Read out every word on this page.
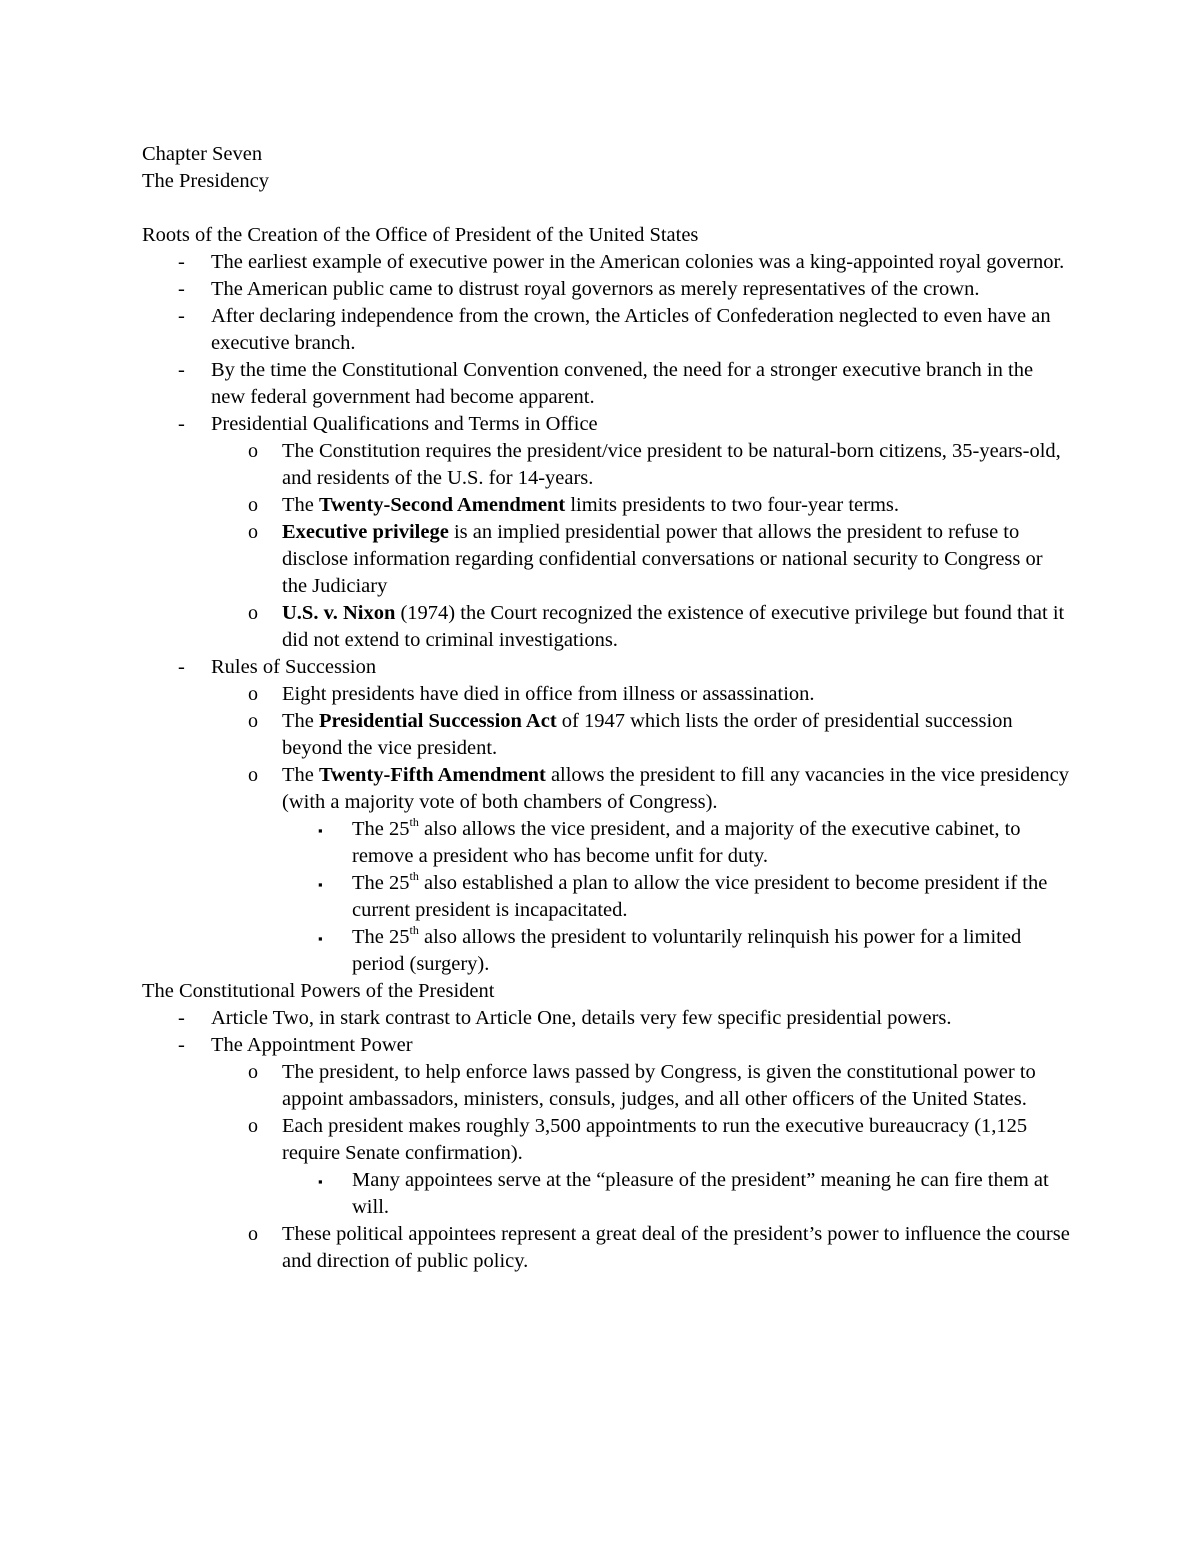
Chapter Seven
The Presidency

Roots of the Creation of the Office of President of the United States
- The earliest example of executive power in the American colonies was a king-appointed royal governor.
- The American public came to distrust royal governors as merely representatives of the crown.
- After declaring independence from the crown, the Articles of Confederation neglected to even have an executive branch.
- By the time the Constitutional Convention convened, the need for a stronger executive branch in the new federal government had become apparent.
- Presidential Qualifications and Terms in Office
o The Constitution requires the president/vice president to be natural-born citizens, 35-years-old, and residents of the U.S. for 14-years.
o The Twenty-Second Amendment limits presidents to two four-year terms.
o Executive privilege is an implied presidential power that allows the president to refuse to disclose information regarding confidential conversations or national security to Congress or the Judiciary
o U.S. v. Nixon (1974) the Court recognized the existence of executive privilege but found that it did not extend to criminal investigations.
- Rules of Succession
o Eight presidents have died in office from illness or assassination.
o The Presidential Succession Act of 1947 which lists the order of presidential succession beyond the vice president.
o The Twenty-Fifth Amendment allows the president to fill any vacancies in the vice presidency (with a majority vote of both chambers of Congress).
▪ The 25th also allows the vice president, and a majority of the executive cabinet, to remove a president who has become unfit for duty.
▪ The 25th also established a plan to allow the vice president to become president if the current president is incapacitated.
▪ The 25th also allows the president to voluntarily relinquish his power for a limited period (surgery).
The Constitutional Powers of the President
- Article Two, in stark contrast to Article One, details very few specific presidential powers.
- The Appointment Power
o The president, to help enforce laws passed by Congress, is given the constitutional power to appoint ambassadors, ministers, consuls, judges, and all other officers of the United States.
o Each president makes roughly 3,500 appointments to run the executive bureaucracy (1,125 require Senate confirmation).
▪ Many appointees serve at the “pleasure of the president” meaning he can fire them at will.
o These political appointees represent a great deal of the president’s power to influence the course and direction of public policy.
